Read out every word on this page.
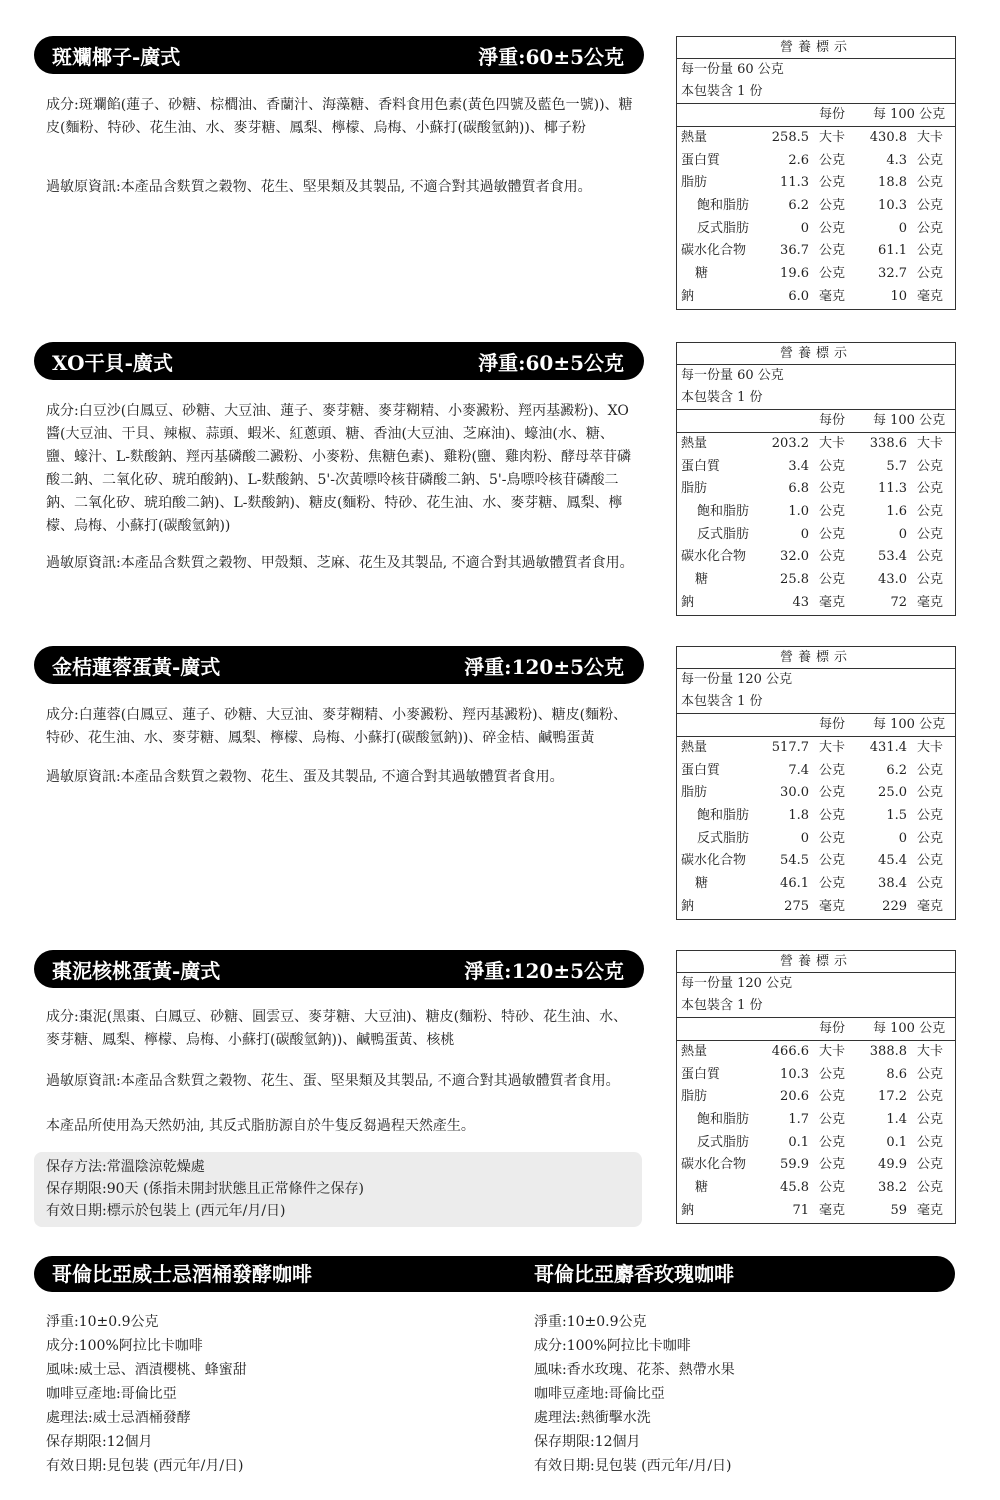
斑斕椰子-廣式	淨重:60±5公克

成分:斑斕餡(蓮子、砂糖、棕櫚油、香蘭汁、海藻糖、香料食用色素(黃色四號及藍色一號))、糖皮(麵粉、特砂、花生油、水、麥芽糖、鳳梨、檸檬、烏梅、小蘇打(碳酸氫鈉))、椰子粉

過敏原資訊:本產品含麩質之穀物、花生、堅果類及其製品, 不適合對其過敏體質者食用。

營養標示
每一份量 60 公克
本包裝含 1 份
每份 每 100 公克
熱量	258.5 大卡 430.8 大卡
蛋白質	2.6 公克	4.3 公克
脂肪	11.3 公克	18.8 公克
飽和脂肪	6.2 公克	10.3 公克
反式脂肪	0 公克	0 公克
碳水化合物	36.7 公克	61.1 公克
糖	19.6 公克	32.7 公克
鈉	6.0 毫克	10 毫克
XO干貝-廣式	淨重:60±5公克

成分:白豆沙(白鳳豆、砂糖、大豆油、蓮子、麥芽糖、麥芽糊精、小麥澱粉、羥丙基澱粉)、XO醬(大豆油、干貝、辣椒、蒜頭、蝦米、紅蔥頭、糖、香油(大豆油、芝麻油)、蠔油(水、糖、鹽、蠔汁、L-麩酸鈉、羥丙基磷酸二澱粉、小麥粉、焦糖色素)、雞粉(鹽、雞肉粉、酵母萃苷磷酸二鈉、二氧化矽、琥珀酸鈉)、L-麩酸鈉、5'-次黃嘌呤核苷磷酸二鈉、5'-鳥嘌呤核苷磷酸二鈉、二氧化矽、琥珀酸二鈉)、L-麩酸鈉)、糖皮(麵粉、特砂、花生油、水、麥芽糖、鳳梨、檸檬、烏梅、小蘇打(碳酸氫鈉))

過敏原資訊:本產品含麩質之穀物、甲殼類、芝麻、花生及其製品, 不適合對其過敏體質者食用。

營養標示
每一份量 60 公克
本包裝含 1 份
每份 每 100 公克
熱量	203.2 大卡 338.6 大卡
蛋白質	3.4 公克	5.7 公克
脂肪	6.8 公克	11.3 公克
飽和脂肪	1.0 公克	1.6 公克
反式脂肪	0 公克	0 公克
碳水化合物	32.0 公克	53.4 公克
糖	25.8 公克	43.0 公克
鈉	43 毫克	72 毫克
金桔蓮蓉蛋黃-廣式	淨重:120±5公克

成分:白蓮蓉(白鳳豆、蓮子、砂糖、大豆油、麥芽糊精、小麥澱粉、羥丙基澱粉)、糖皮(麵粉、特砂、花生油、水、麥芽糖、鳳梨、檸檬、烏梅、小蘇打(碳酸氫鈉))、碎金桔、鹹鴨蛋黃

過敏原資訊:本產品含麩質之穀物、花生、蛋及其製品, 不適合對其過敏體質者食用。

營養標示
每一份量 120 公克
本包裝含 1 份
每份 每 100 公克
熱量	517.7 大卡 431.4 大卡
蛋白質	7.4 公克	6.2 公克
脂肪	30.0 公克	25.0 公克
飽和脂肪	1.8 公克	1.5 公克
反式脂肪	0 公克	0 公克
碳水化合物	54.5 公克	45.4 公克
糖	46.1 公克	38.4 公克
鈉	275 毫克	229 毫克
棗泥核桃蛋黃-廣式	淨重:120±5公克

成分:棗泥(黑棗、白鳳豆、砂糖、圓雲豆、麥芽糖、大豆油)、糖皮(麵粉、特砂、花生油、水、麥芽糖、鳳梨、檸檬、烏梅、小蘇打(碳酸氫鈉))、鹹鴨蛋黃、核桃

過敏原資訊:本產品含麩質之穀物、花生、蛋、堅果類及其製品, 不適合對其過敏體質者食用。

本產品所使用為天然奶油, 其反式脂肪源自於牛隻反芻過程天然產生。

營養標示
每一份量 120 公克
本包裝含 1 份
每份 每 100 公克
熱量	466.6 大卡 388.8 大卡
蛋白質	10.3 公克	8.6 公克
脂肪	20.6 公克	17.2 公克
飽和脂肪	1.7 公克	1.4 公克
反式脂肪	0.1 公克	0.1 公克
碳水化合物	59.9 公克	49.9 公克
糖	45.8 公克	38.2 公克
鈉	71 毫克	59 毫克
保存方法:常溫陰涼乾燥處
保存期限:90天 (係指未開封狀態且正常條件之保存)
有效日期:標示於包裝上 (西元年/月/日)
哥倫比亞威士忌酒桶發酵咖啡	哥倫比亞麝香玫瑰咖啡
淨重:10±0.9公克
成分:100%阿拉比卡咖啡
風味:威士忌、酒漬櫻桃、蜂蜜甜
咖啡豆產地:哥倫比亞
處理法:威士忌酒桶發酵
保存期限:12個月
有效日期:見包裝 (西元年/月/日)
淨重:10±0.9公克
成分:100%阿拉比卡咖啡
風味:香水玫瑰、花茶、熱帶水果
咖啡豆產地:哥倫比亞
處理法:熱衝擊水洗
保存期限:12個月
有效日期:見包裝 (西元年/月/日)
